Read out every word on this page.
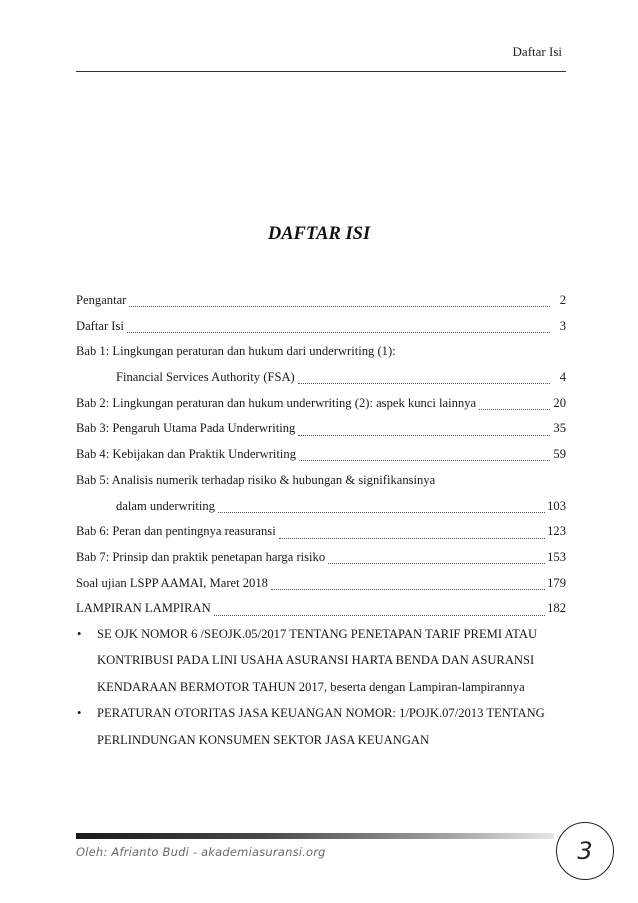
Daftar Isi
DAFTAR ISI
Pengantar	2
Daftar Isi	3
Bab 1: Lingkungan peraturan dan hukum dari underwriting (1):
Financial Services Authority (FSA)	4
Bab 2: Lingkungan peraturan dan hukum underwriting (2): aspek kunci lainnya	20
Bab 3: Pengaruh Utama Pada Underwriting	35
Bab 4: Kebijakan dan Praktik Underwriting	59
Bab 5: Analisis numerik terhadap risiko & hubungan & signifikansinya
dalam underwriting	103
Bab 6: Peran dan pentingnya reasuransi	123
Bab 7: Prinsip dan praktik penetapan harga risiko	153
Soal ujian LSPP AAMAI, Maret 2018	179
LAMPIRAN LAMPIRAN	182
• SE OJK NOMOR 6 /SEOJK.05/2017 TENTANG PENETAPAN TARIF PREMI ATAU
KONTRIBUSI PADA LINI USAHA ASURANSI HARTA BENDA DAN ASURANSI
KENDARAAN BERMOTOR TAHUN 2017, beserta dengan Lampiran-lampirannya
• PERATURAN OTORITAS JASA KEUANGAN NOMOR: 1/POJK.07/2013 TENTANG
PERLINDUNGAN KONSUMEN SEKTOR JASA KEUANGAN
Oleh: Afrianto Budi - akademiasuransi.org	3
